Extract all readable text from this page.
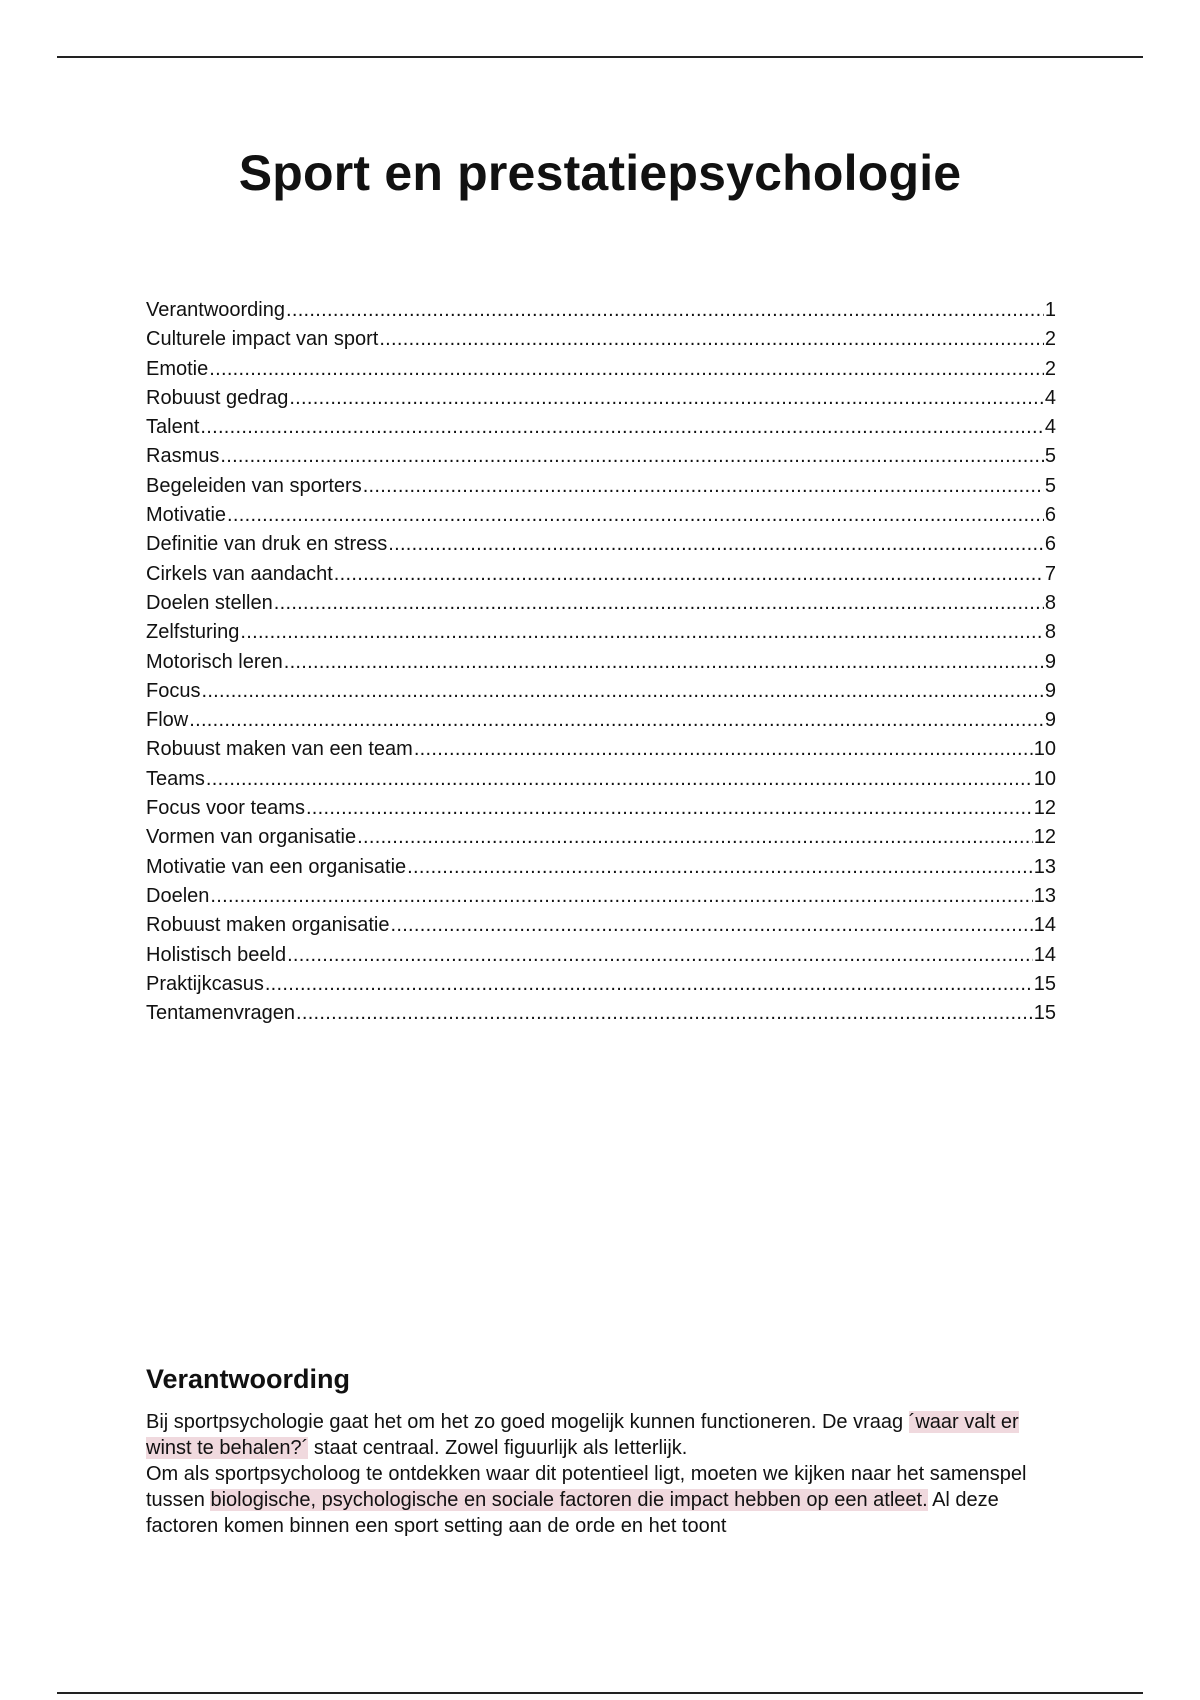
Sport en prestatiepsychologie
Verantwoording .....	1
Culturele impact van sport .....	2
Emotie .....	2
Robuust gedrag .....	4
Talent .....	4
Rasmus .....	5
Begeleiden van sporters .....	5
Motivatie .....	6
Definitie van druk en stress .....	6
Cirkels van aandacht .....	7
Doelen stellen .....	8
Zelfsturing .....	8
Motorisch leren .....	9
Focus .....	9
Flow .....	9
Robuust maken van een team .....	10
Teams .....	10
Focus voor teams .....	12
Vormen van organisatie .....	12
Motivatie van een organisatie .....	13
Doelen .....	13
Robuust maken organisatie .....	14
Holistisch beeld .....	14
Praktijkcasus .....	15
Tentamenvragen .....	15
Verantwoording

Bij sportpsychologie gaat het om het zo goed mogelijk kunnen functioneren. De vraag ´waar valt er winst te behalen?´ staat centraal. Zowel figuurlijk als letterlijk.

Om als sportpsycholoog te ontdekken waar dit potentieel ligt, moeten we kijken naar het samenspel tussen biologische, psychologische en sociale factoren die impact hebben op een atleet. Al deze factoren komen binnen een sport setting aan de orde en het toont
